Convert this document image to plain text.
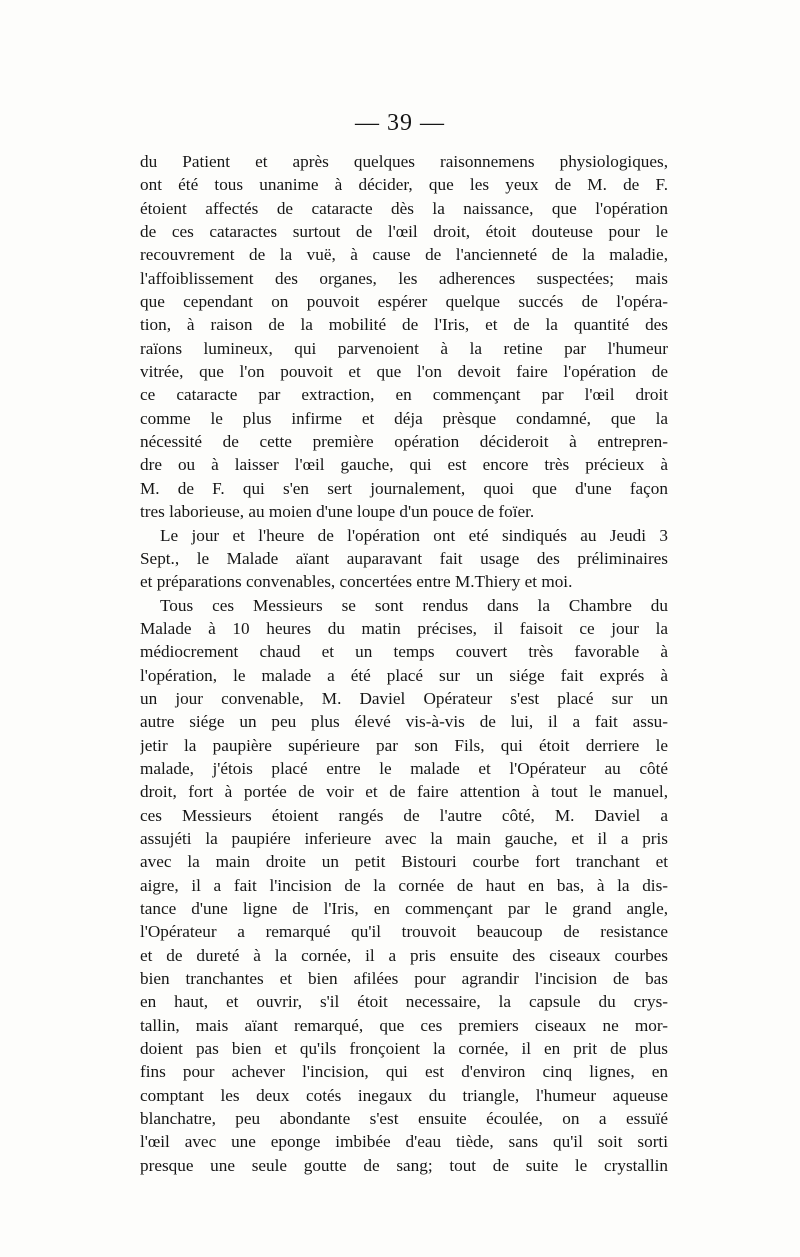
— 39 —
du Patient et après quelques raisonnemens physiologiques,
ont été tous unanime à décider, que les yeux de M. de F.
étoient affectés de cataracte dès la naissance, que l'opération
de ces cataractes surtout de l'œil droit, étoit douteuse pour le
recouvrement de la vuë, à cause de l'ancienneté de la maladie,
l'affoiblissement des organes, les adherences suspectées; mais
que cependant on pouvoit espérer quelque succés de l'opéra-
tion, à raison de la mobilité de l'Iris, et de la quantité des
raïons lumineux, qui parvenoient à la retine par l'humeur
vitrée, que l'on pouvoit et que l'on devoit faire l'opération de
ce cataracte par extraction, en commençant par l'œil droit
comme le plus infirme et déja prèsque condamné, que la
nécessité de cette première opération décideroit à entrepren-
dre ou à laisser l'œil gauche, qui est encore très précieux à
M. de F. qui s'en sert journalement, quoi que d'une façon
tres laborieuse, au moien d'une loupe d'un pouce de foïer.
Le jour et l'heure de l'opération ont eté sindiqués au Jeudi 3
Sept., le Malade aïant auparavant fait usage des préliminaires
et préparations convenables, concertées entre M.Thiery et moi.
Tous ces Messieurs se sont rendus dans la Chambre du
Malade à 10 heures du matin précises, il faisoit ce jour la
médiocrement chaud et un temps couvert très favorable à
l'opération, le malade a été placé sur un siége fait exprés à
un jour convenable, M. Daviel Opérateur s'est placé sur un
autre siége un peu plus élevé vis-à-vis de lui, il a fait assu-
jetir la paupière supérieure par son Fils, qui étoit derriere le
malade, j'étois placé entre le malade et l'Opérateur au côté
droit, fort à portée de voir et de faire attention à tout le manuel,
ces Messieurs étoient rangés de l'autre côté, M. Daviel a
assujéti la paupiére inferieure avec la main gauche, et il a pris
avec la main droite un petit Bistouri courbe fort tranchant et
aigre, il a fait l'incision de la cornée de haut en bas, à la dis-
tance d'une ligne de l'Iris, en commençant par le grand angle,
l'Opérateur a remarqué qu'il trouvoit beaucoup de resistance
et de dureté à la cornée, il a pris ensuite des ciseaux courbes
bien tranchantes et bien afilées pour agrandir l'incision de bas
en haut, et ouvrir, s'il étoit necessaire, la capsule du crys-
tallin, mais aïant remarqué, que ces premiers ciseaux ne mor-
doient pas bien et qu'ils fronçoient la cornée, il en prit de plus
fins pour achever l'incision, qui est d'environ cinq lignes, en
comptant les deux cotés inegaux du triangle, l'humeur aqueuse
blanchatre, peu abondante s'est ensuite écoulée, on a essuïé
l'œil avec une eponge imbibée d'eau tiède, sans qu'il soit sorti
presque une seule goutte de sang; tout de suite le crystallin
